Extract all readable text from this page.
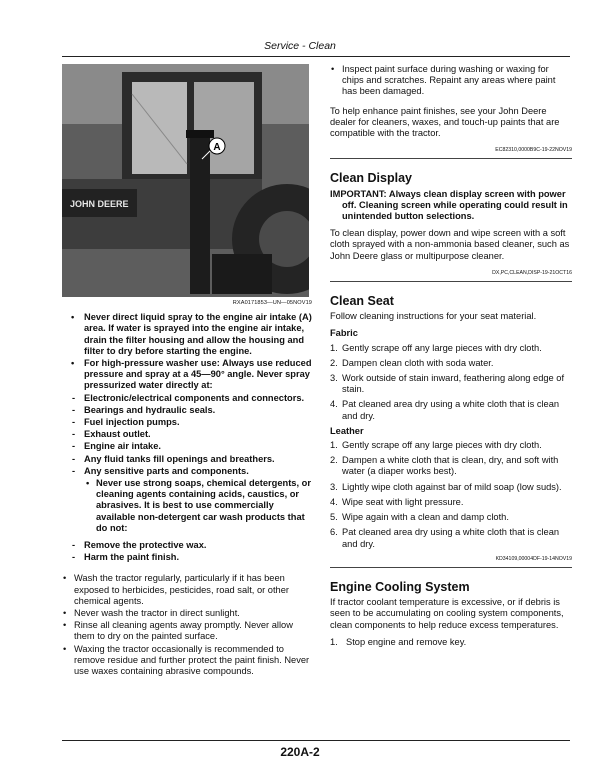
Service - Clean
JOHN DEERE
A
RXA0171853—UN—05NOV19
• Never direct liquid spray to the engine air intake (A) area. If water is sprayed into the engine air intake, drain the filter housing and allow the housing and filter to dry before starting the engine.
• For high-pressure washer use: Always use reduced pressure and spray at a 45—90° angle. Never spray pressurized water directly at:
- Electronic/electrical components and connectors.
- Bearings and hydraulic seals.
- Fuel injection pumps.
- Exhaust outlet.
- Engine air intake.
- Any fluid tanks fill openings and breathers.
- Any sensitive parts and components.
• Never use strong soaps, chemical detergents, or cleaning agents containing acids, caustics, or abrasives. It is best to use commercially available non-detergent car wash products that do not:
- Remove the protective wax.
- Harm the paint finish.
• Wash the tractor regularly, particularly if it has been exposed to herbicides, pesticides, road salt, or other chemical agents.
• Never wash the tractor in direct sunlight.
• Rinse all cleaning agents away promptly. Never allow them to dry on the painted surface.
• Waxing the tractor occasionally is recommended to remove residue and further protect the paint finish. Never use waxes containing abrasive compounds.
• Inspect paint surface during washing or waxing for chips and scratches. Repaint any areas where paint has been damaged.

To help enhance paint finishes, see your John Deere dealer for cleaners, waxes, and touch-up paints that are compatible with the tractor.

EC82310,0000B9C-19-22NOV19
Clean Display

IMPORTANT: Always clean display screen with power off. Cleaning screen while operating could result in unintended button selections.

To clean display, power down and wipe screen with a soft cloth sprayed with a non-ammonia based cleaner, such as John Deere glass or multipurpose cleaner.

DX,PC,CLEAN,DISP-19-21OCT16
Clean Seat

Follow cleaning instructions for your seat material.

Fabric
1. Gently scrape off any large pieces with dry cloth.
2. Dampen clean cloth with soda water.
3. Work outside of stain inward, feathering along edge of stain.
4. Pat cleaned area dry using a white cloth that is clean and dry.
Leather
1. Gently scrape off any large pieces with dry cloth.
2. Dampen a white cloth that is clean, dry, and soft with water (a diaper works best).
3. Lightly wipe cloth against bar of mild soap (low suds).
4. Wipe seat with light pressure.
5. Wipe again with a clean and damp cloth.
6. Pat cleaned area dry using a white cloth that is clean and dry.
KD34109,00004DF-19-14NOV19
Engine Cooling System

If tractor coolant temperature is excessive, or if debris is seen to be accumulating on cooling system components, clean components to help reduce excess temperatures.

1. Stop engine and remove key.
220A-2
